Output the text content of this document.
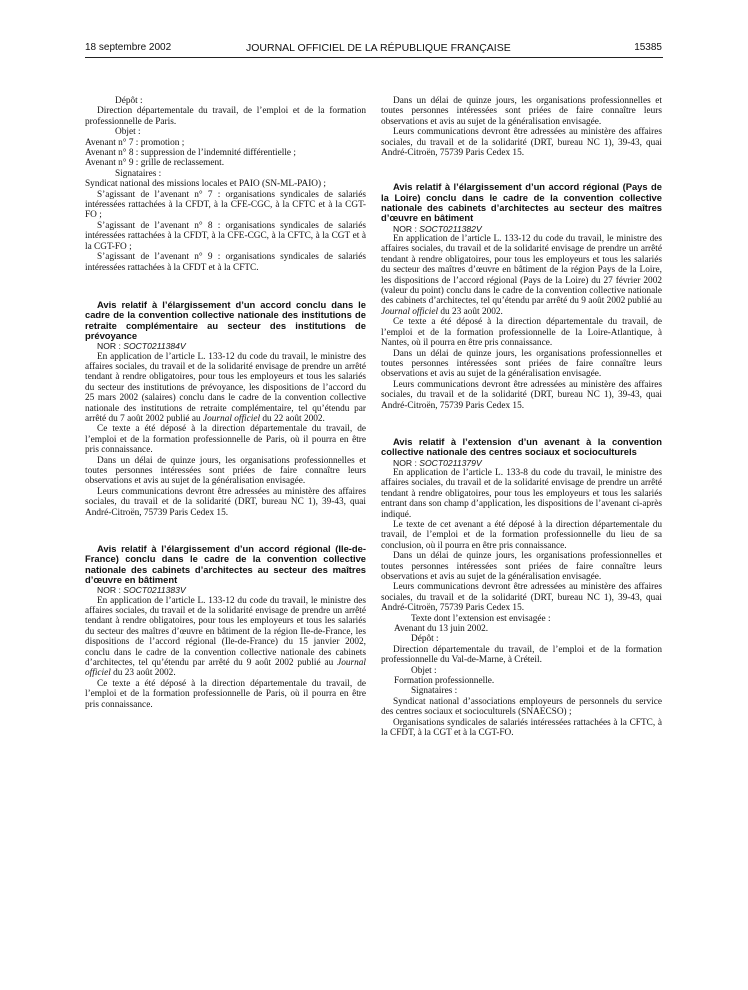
18 septembre 2002	JOURNAL OFFICIEL DE LA RÉPUBLIQUE FRANÇAISE	15385

Dépôt :

Direction départementale du travail, de l’emploi et de la formation professionnelle de Paris.

Objet :

Avenant n° 7 : promotion ;

Avenant n° 8 : suppression de l’indemnité différentielle ;

Avenant n° 9 : grille de reclassement.

Signataires :

Syndicat national des missions locales et PAIO (SN-ML-PAIO) ;

S’agissant de l’avenant n° 7 : organisations syndicales de salariés intéressées rattachées à la CFDT, à la CFE-CGC, à la CFTC et à la CGT-FO ;

S’agissant de l’avenant n° 8 : organisations syndicales de salariés intéressées rattachées à la CFDT, à la CFE-CGC, à la CFTC, à la CGT et à la CGT-FO ;

S’agissant de l’avenant n° 9 : organisations syndicales de salariés intéressées rattachées à la CFDT et à la CFTC.

Avis relatif à l’élargissement d’un accord conclu dans le cadre de la convention collective nationale des institutions de retraite complémentaire au secteur des institutions de prévoyance

NOR : SOCT0211384V

En application de l’article L. 133-12 du code du travail, le ministre des affaires sociales, du travail et de la solidarité envisage de prendre un arrêté tendant à rendre obligatoires, pour tous les employeurs et tous les salariés du secteur des institutions de prévoyance, les dispositions de l’accord du 25 mars 2002 (salaires) conclu dans le cadre de la convention collective nationale des institutions de retraite complémentaire, tel qu’étendu par arrêté du 7 août 2002 publié au Journal officiel du 22 août 2002.

Ce texte a été déposé à la direction départementale du travail, de l’emploi et de la formation professionnelle de Paris, où il pourra en être pris connaissance.

Dans un délai de quinze jours, les organisations professionnelles et toutes personnes intéressées sont priées de faire connaître leurs observations et avis au sujet de la généralisation envisagée.

Leurs communications devront être adressées au ministère des affaires sociales, du travail et de la solidarité (DRT, bureau NC 1), 39-43, quai André-Citroën, 75739 Paris Cedex 15.

Avis relatif à l’élargissement d’un accord régional (Ile-de-France) conclu dans le cadre de la convention collective nationale des cabinets d’architectes au secteur des maîtres d’œuvre en bâtiment

NOR : SOCT0211383V

En application de l’article L. 133-12 du code du travail, le ministre des affaires sociales, du travail et de la solidarité envisage de prendre un arrêté tendant à rendre obligatoires, pour tous les employeurs et tous les salariés du secteur des maîtres d’œuvre en bâtiment de la région Ile-de-France, les dispositions de l’accord régional (Ile-de-France) du 15 janvier 2002, conclu dans le cadre de la convention collective nationale des cabinets d’architectes, tel qu’étendu par arrêté du 9 août 2002 publié au Journal officiel du 23 août 2002.

Ce texte a été déposé à la direction départementale du travail, de l’emploi et de la formation professionnelle de Paris, où il pourra en être pris connaissance.

Dans un délai de quinze jours, les organisations professionnelles et toutes personnes intéressées sont priées de faire connaître leurs observations et avis au sujet de la généralisation envisagée.

Leurs communications devront être adressées au ministère des affaires sociales, du travail et de la solidarité (DRT, bureau NC 1), 39-43, quai André-Citroën, 75739 Paris Cedex 15.

Avis relatif à l’élargissement d’un accord régional (Pays de la Loire) conclu dans le cadre de la convention collective nationale des cabinets d’architectes au secteur des maîtres d’œuvre en bâtiment

NOR : SOCT0211382V

En application de l’article L. 133-12 du code du travail, le ministre des affaires sociales, du travail et de la solidarité envisage de prendre un arrêté tendant à rendre obligatoires, pour tous les employeurs et tous les salariés du secteur des maîtres d’œuvre en bâtiment de la région Pays de la Loire, les dispositions de l’accord régional (Pays de la Loire) du 27 février 2002 (valeur du point) conclu dans le cadre de la convention collective nationale des cabinets d’architectes, tel qu’étendu par arrêté du 9 août 2002 publié au Journal officiel du 23 août 2002.

Ce texte a été déposé à la direction départementale du travail, de l’emploi et de la formation professionnelle de la Loire-Atlantique, à Nantes, où il pourra en être pris connaissance.

Dans un délai de quinze jours, les organisations professionnelles et toutes personnes intéressées sont priées de faire connaître leurs observations et avis au sujet de la généralisation envisagée.

Leurs communications devront être adressées au ministère des affaires sociales, du travail et de la solidarité (DRT, bureau NC 1), 39-43, quai André-Citroën, 75739 Paris Cedex 15.

Avis relatif à l’extension d’un avenant à la convention collective nationale des centres sociaux et socioculturels

NOR : SOCT0211379V

En application de l’article L. 133-8 du code du travail, le ministre des affaires sociales, du travail et de la solidarité envisage de prendre un arrêté tendant à rendre obligatoires, pour tous les employeurs et tous les salariés entrant dans son champ d’application, les dispositions de l’avenant ci-après indiqué.

Le texte de cet avenant a été déposé à la direction départementale du travail, de l’emploi et de la formation professionnelle du lieu de sa conclusion, où il pourra en être pris connaissance.

Dans un délai de quinze jours, les organisations professionnelles et toutes personnes intéressées sont priées de faire connaître leurs observations et avis au sujet de la généralisation envisagée.

Leurs communications devront être adressées au ministère des affaires sociales, du travail et de la solidarité (DRT, bureau NC 1), 39-43, quai André-Citroën, 75739 Paris Cedex 15.

Texte dont l’extension est envisagée :

Avenant du 13 juin 2002.

Dépôt :

Direction départementale du travail, de l’emploi et de la formation professionnelle du Val-de-Marne, à Créteil.

Objet :

Formation professionnelle.

Signataires :

Syndicat national d’associations employeurs de personnels du service des centres sociaux et socioculturels (SNAECSO) ;

Organisations syndicales de salariés intéressées rattachées à la CFTC, à la CFDT, à la CGT et à la CGT-FO.
